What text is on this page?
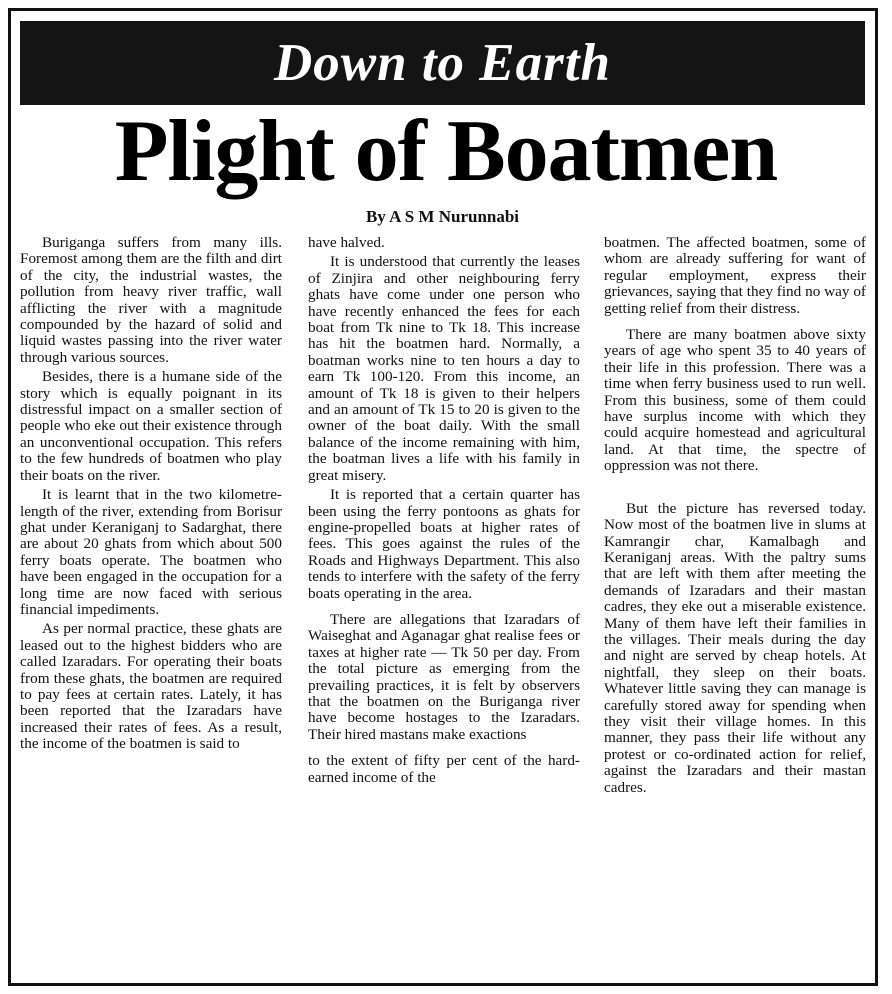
Down to Earth
Plight of Boatmen
By A S M Nurunnabi

Buriganga suffers from many ills. Foremost among them are the filth and dirt of the city, the industrial wastes, the pollution from heavy river traffic, wall afflicting the river with a magnitude compounded by the hazard of solid and liquid wastes passing into the river water through various sources.

Besides, there is a humane side of the story which is equally poignant in its distressful impact on a smaller section of people who eke out their existence through an unconventional occupation. This refers to the few hundreds of boatmen who play their boats on the river.

It is learnt that in the two kilometre-length of the river, extending from Borisur ghat under Keraniganj to Sadarghat, there are about 20 ghats from which about 500 ferry boats operate. The boatmen who have been engaged in the occupation for a long time are now faced with serious financial impediments.

As per normal practice, these ghats are leased out to the highest bidders who are called Izaradars. For operating their boats from these ghats, the boatmen are required to pay fees at certain rates. Lately, it has been reported that the Izaradars have increased their rates of fees. As a result, the income of the boatmen is said to

have halved.

It is understood that currently the leases of Zinjira and other neighbouring ferry ghats have come under one person who have recently enhanced the fees for each boat from Tk nine to Tk 18. This increase has hit the boatmen hard. Normally, a boatman works nine to ten hours a day to earn Tk 100-120. From this income, an amount of Tk 18 is given to their helpers and an amount of Tk 15 to 20 is given to the owner of the boat daily. With the small balance of the income remaining with him, the boatman lives a life with his family in great misery.

It is reported that a certain quarter has been using the ferry pontoons as ghats for engine-propelled boats at higher rates of fees. This goes against the rules of the Roads and Highways Department. This also tends to interfere with the safety of the ferry boats operating in the area.

There are allegations that Izaradars of Waiseghat and Aganagar ghat realise fees or taxes at higher rate — Tk 50 per day. From the total picture as emerging from the prevailing practices, it is felt by observers that the boatmen on the Buriganga river have become hostages to the Izaradars. Their hired mastans make exactions

to the extent of fifty per cent of the hard-earned income of the

boatmen. The affected boatmen, some of whom are already suffering for want of regular employment, express their grievances, saying that they find no way of getting relief from their distress.

There are many boatmen above sixty years of age who spent 35 to 40 years of their life in this profession. There was a time when ferry business used to run well. From this business, some of them could have surplus income with which they could acquire homestead and agricultural land. At that time, the spectre of oppression was not there.

But the picture has reversed today. Now most of the boatmen live in slums at Kamrangir char, Kamalbagh and Keraniganj areas. With the paltry sums that are left with them after meeting the demands of Izaradars and their mastan cadres, they eke out a miserable existence. Many of them have left their families in the villages. Their meals during the day and night are served by cheap hotels. At nightfall, they sleep on their boats. Whatever little saving they can manage is carefully stored away for spending when they visit their village homes. In this manner, they pass their life without any protest or co-ordinated action for relief, against the Izaradars and their mastan cadres.
